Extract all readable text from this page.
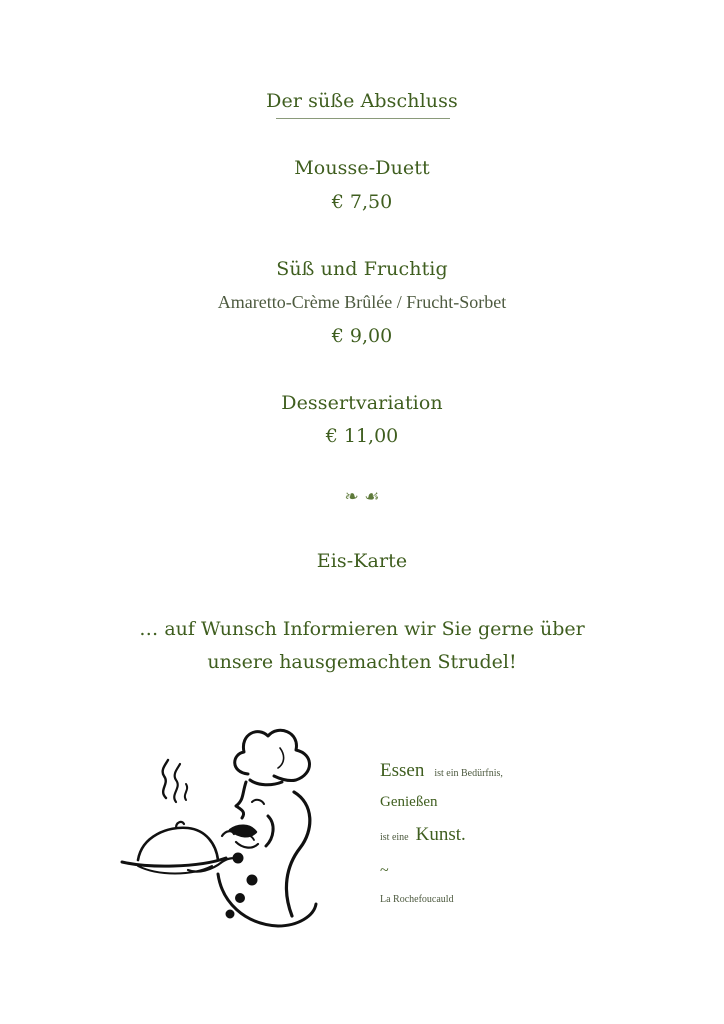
Der süße Abschluss
Mousse-Duett
€ 7,50
Süß und Fruchtig
Amaretto-Crème Brûlée / Frucht-Sorbet
€ 9,00
Dessertvariation
€ 11,00
❧ ☙
Eis-Karte
… auf Wunsch Informieren wir Sie gerne über
unsere hausgemachten Strudel!
Essen ist ein Bedürfnis,
Genießen
ist eine Kunst.
~
La Rochefoucauld
